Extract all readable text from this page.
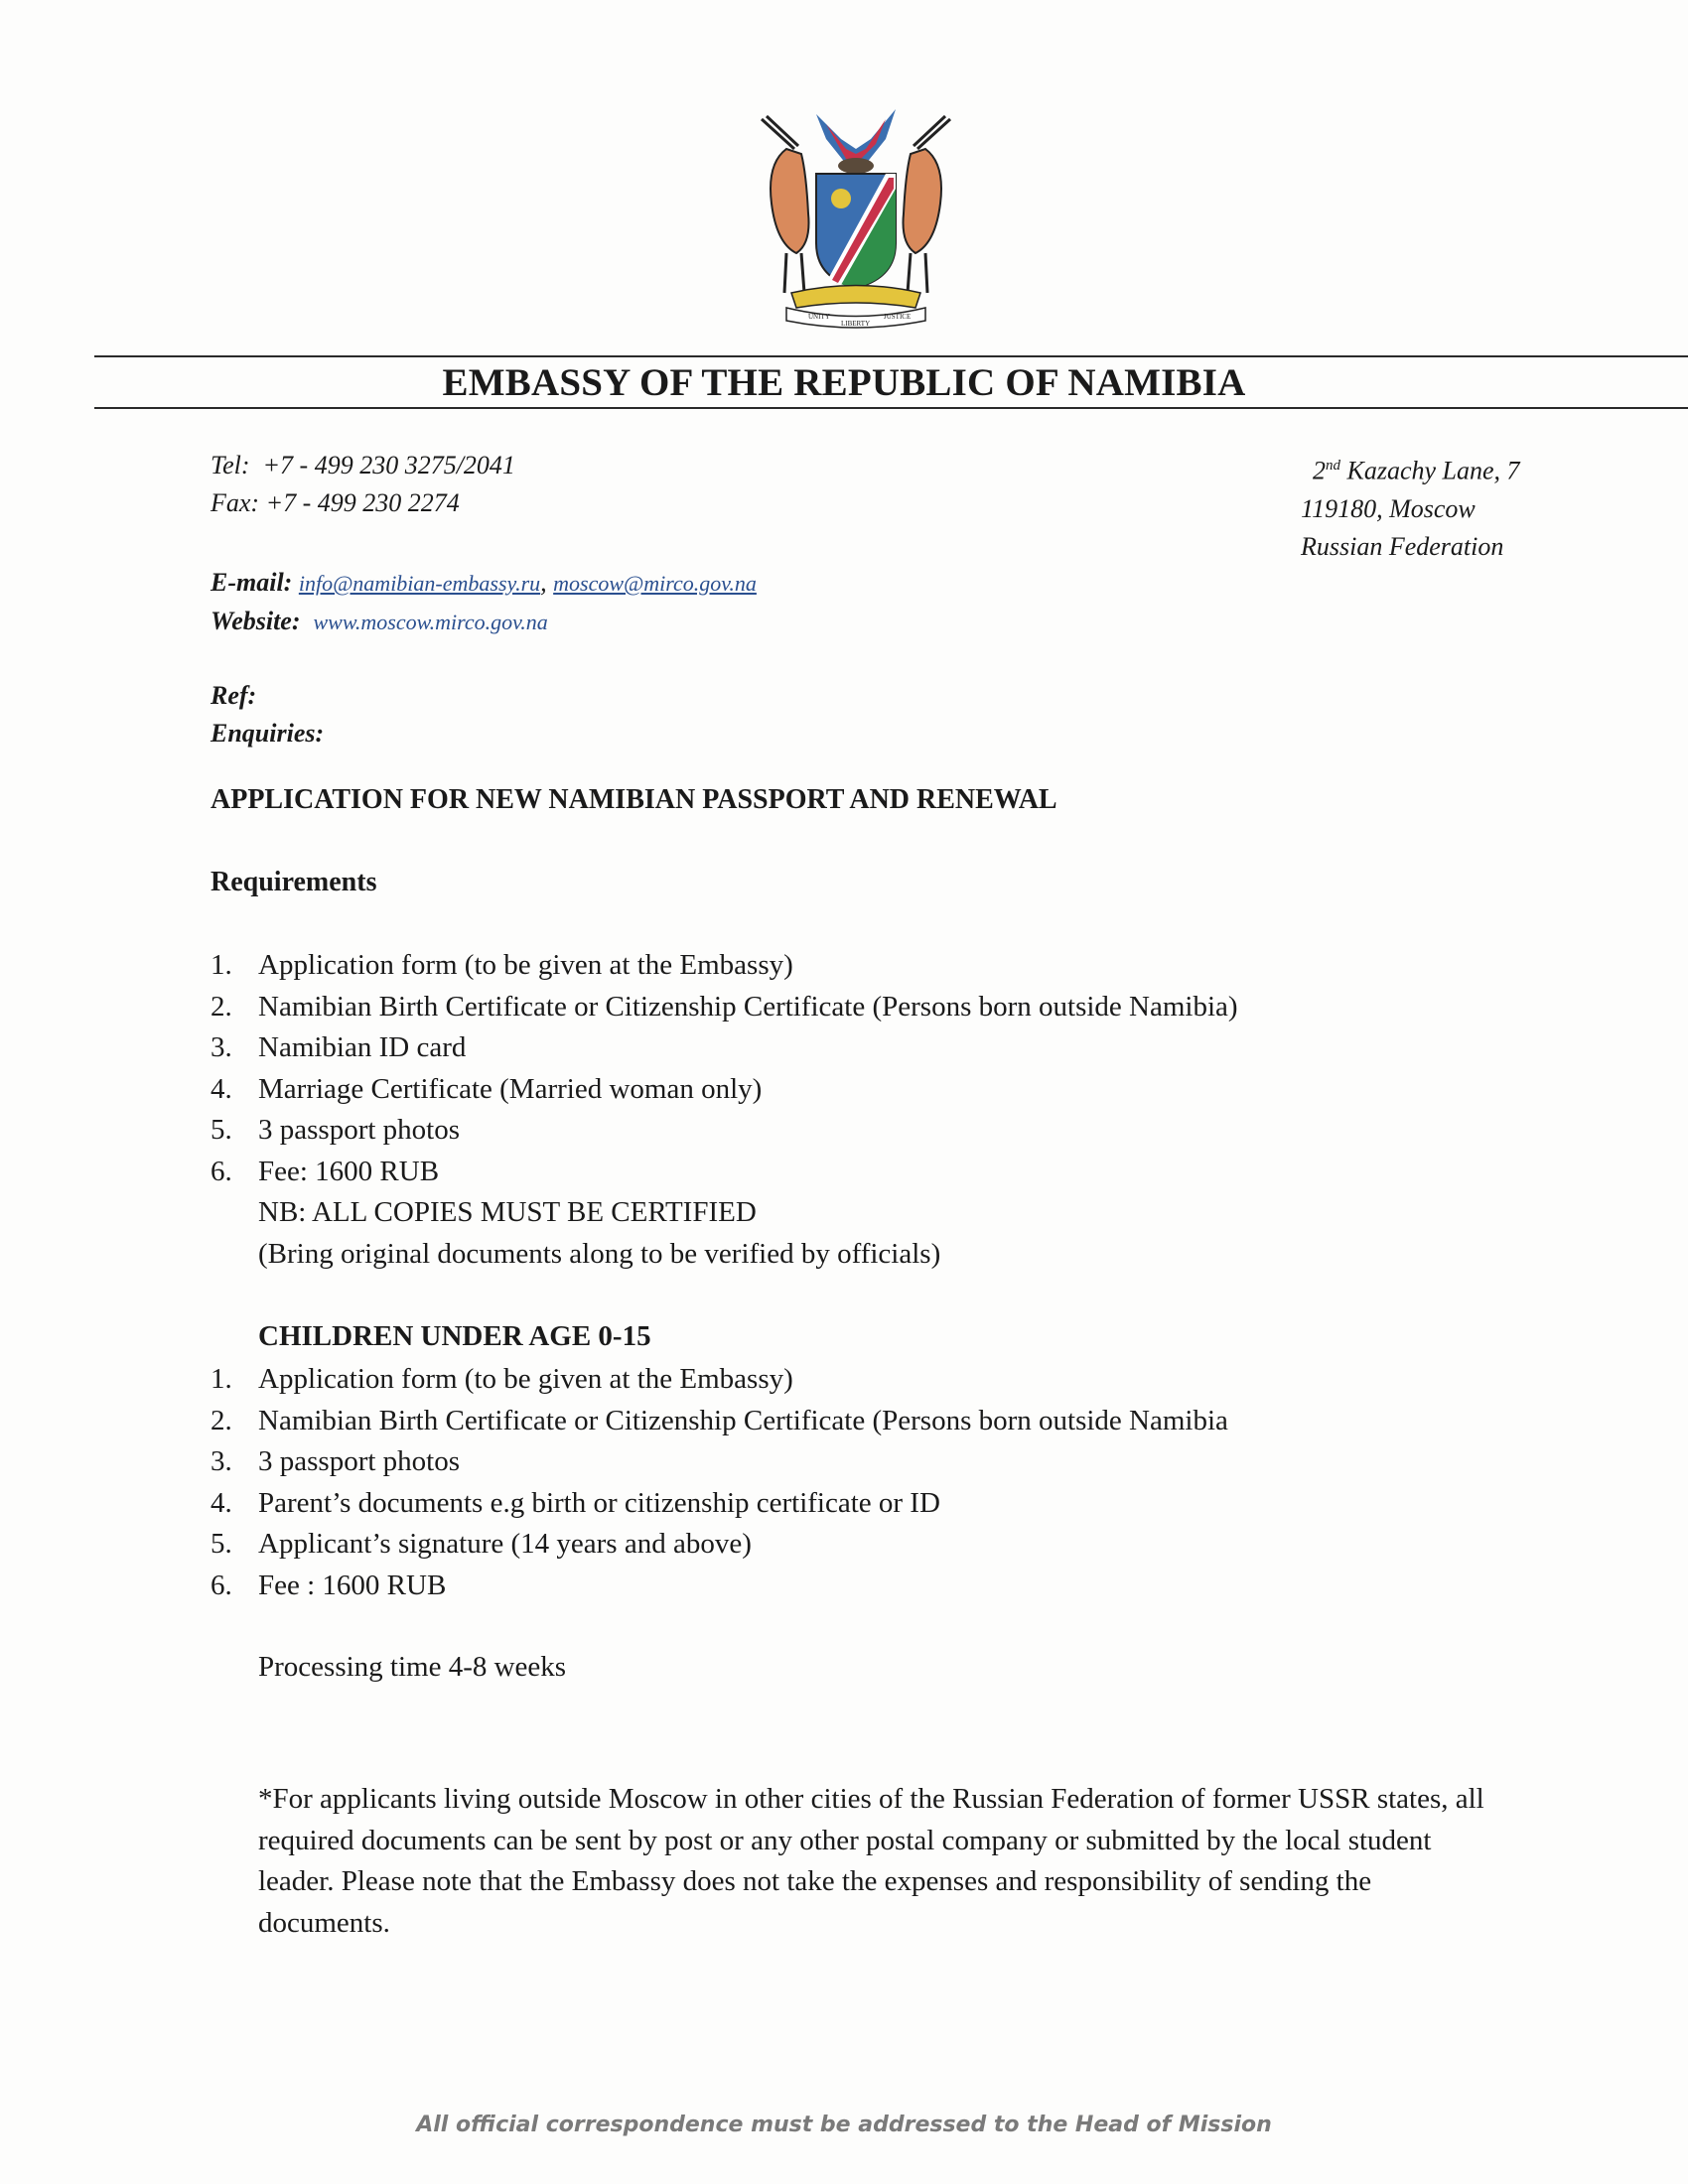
UNITY
LIBERTY
JUSTICE
EMBASSY OF THE REPUBLIC OF NAMIBIA
Tel: +7 - 499 230 3275/2041
Fax: +7 - 499 230 2274
2nd Kazachy Lane, 7
119180, Moscow
Russian Federation
E-mail: info@namibian-embassy.ru, moscow@mirco.gov.na
Website: www.moscow.mirco.gov.na
Ref:
Enquiries:
APPLICATION FOR NEW NAMIBIAN PASSPORT AND RENEWAL
Requirements
1. Application form (to be given at the Embassy)
2. Namibian Birth Certificate or Citizenship Certificate (Persons born outside Namibia)
3. Namibian ID card
4. Marriage Certificate (Married woman only)
5. 3 passport photos
6. Fee: 1600 RUB
NB: ALL COPIES MUST BE CERTIFIED
(Bring original documents along to be verified by officials)
CHILDREN UNDER AGE 0-15
1. Application form (to be given at the Embassy)
2. Namibian Birth Certificate or Citizenship Certificate (Persons born outside Namibia
3. 3 passport photos
4. Parent’s documents e.g birth or citizenship certificate or ID
5. Applicant’s signature (14 years and above)
6. Fee : 1600 RUB
Processing time 4-8 weeks
*For applicants living outside Moscow in other cities of the Russian Federation of former USSR states, all required documents can be sent by post or any other postal company or submitted by the local student leader. Please note that the Embassy does not take the expenses and responsibility of sending the documents.
All official correspondence must be addressed to the Head of Mission
